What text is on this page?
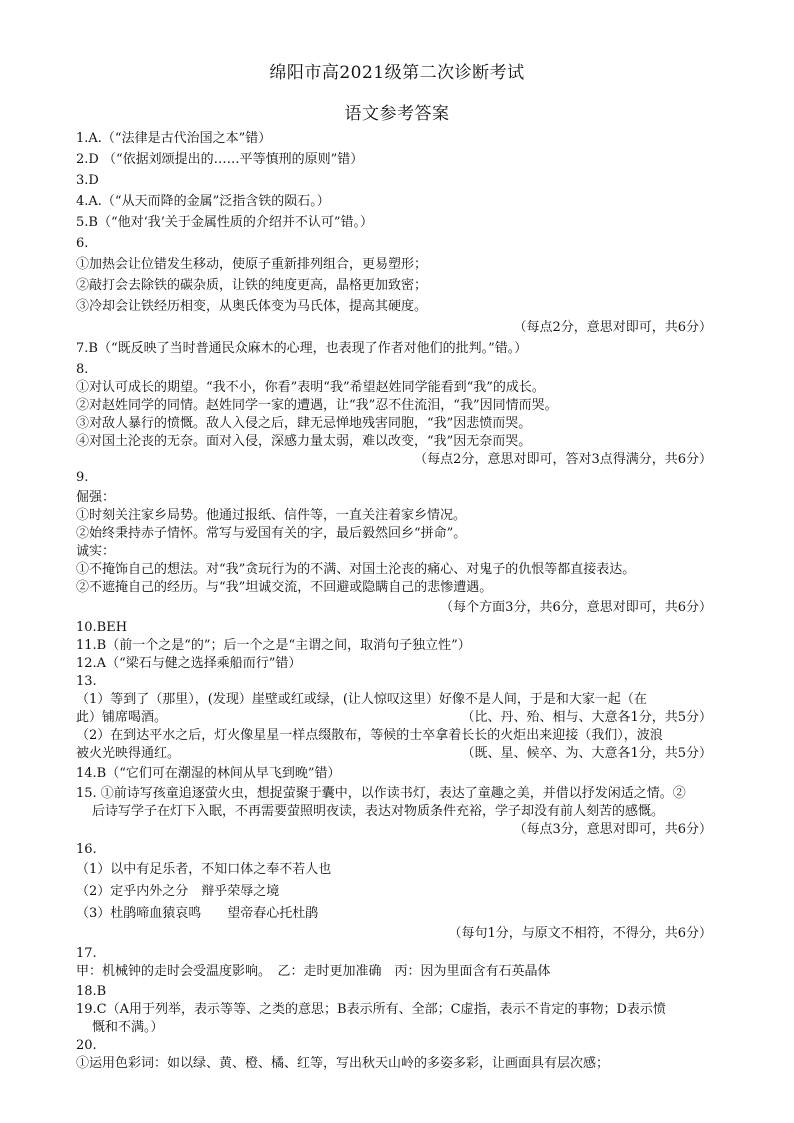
绵阳市高2021级第二次诊断考试
语文参考答案
1.A.（“法律是古代治国之本”错）
2.D （“依据刘颂提出的……平等慎刑的原则”错）
3.D
4.A.（“从天而降的金属”泛指含铁的陨石。）
5.B（“他对‘我’关于金属性质的介绍并不认可”错。）
6.
①加热会让位错发生移动，使原子重新排列组合，更易塑形；
②敲打会去除铁的碳杂质，让铁的纯度更高，晶格更加致密；
③冷却会让铁经历相变，从奥氏体变为马氏体，提高其硬度。
（每点2分，意思对即可，共6分）
7.B（“既反映了当时普通民众麻木的心理，也表现了作者对他们的批判。”错。）
8.
①对认可成长的期望。“我不小，你看”表明“我”希望赵姓同学能看到“我”的成长。
②对赵姓同学的同情。赵姓同学一家的遭遇，让“我”忍不住流泪，“我”因同情而哭。
③对敌人暴行的愤慨。敌人入侵之后，肆无忌惮地残害同胞，“我”因悲愤而哭。
④对国土沦丧的无奈。面对入侵，深感力量太弱，难以改变，“我”因无奈而哭。
（每点2分，意思对即可，答对3点得满分，共6分）
9.
倔强：
①时刻关注家乡局势。他通过报纸、信件等，一直关注着家乡情况。
②始终秉持赤子情怀。常写与爱国有关的字，最后毅然回乡“拼命”。
诚实：
①不掩饰自己的想法。对“我”贪玩行为的不满、对国土沦丧的痛心、对鬼子的仇恨等都直接表达。
②不遮掩自己的经历。与“我”坦诚交流，不回避或隐瞒自己的悲惨遭遇。
（每个方面3分，共6分，意思对即可，共6分）
10.BEH
11.B（前一个之是“的”；后一个之是“主谓之间，取消句子独立性”）
12.A（“梁石与健之选择乘船而行”错）
13.
（1）等到了（那里），(发现）崖壁或红或绿，(让人惊叹这里）好像不是人间，于是和大家一起（在
此）铺席喝酒。	（比、丹、殆、相与、大意各1分，共5分）
（2）在到达平水之后，灯火像星星一样点缀散布，等候的士卒拿着长长的火炬出来迎接（我们），波浪
被火光映得通红。	（既、星、候卒、为、大意各1分，共5分）
14.B（“它们可在潮湿的林间从早飞到晚”错）
15. ①前诗写孩童追逐萤火虫，想捉萤聚于囊中，以作读书灯，表达了童趣之美，并借以抒发闲适之情。②
后诗写学子在灯下入眠，不再需要萤照明夜读，表达对物质条件充裕，学子却没有前人刻苦的感慨。
（每点3分，意思对即可，共6分）
16.
（1）以中有足乐者，不知口体之奉不若人也
（2）定乎内外之分　辩乎荣辱之境
（3）杜鹃啼血猿哀鸣　　望帝春心托杜鹃
（每句1分，与原文不相符，不得分，共6分）
17.
甲：机械钟的走时会受温度影响。　乙：走时更加准确　丙：因为里面含有石英晶体
18.B
19.C（A用于列举，表示等等、之类的意思；B表示所有、全部；C虚指，表示不肯定的事物；D表示愤
慨和不满。）
20.
①运用色彩词：如以绿、黄、橙、橘、红等，写出秋天山岭的多姿多彩，让画面具有层次感；
